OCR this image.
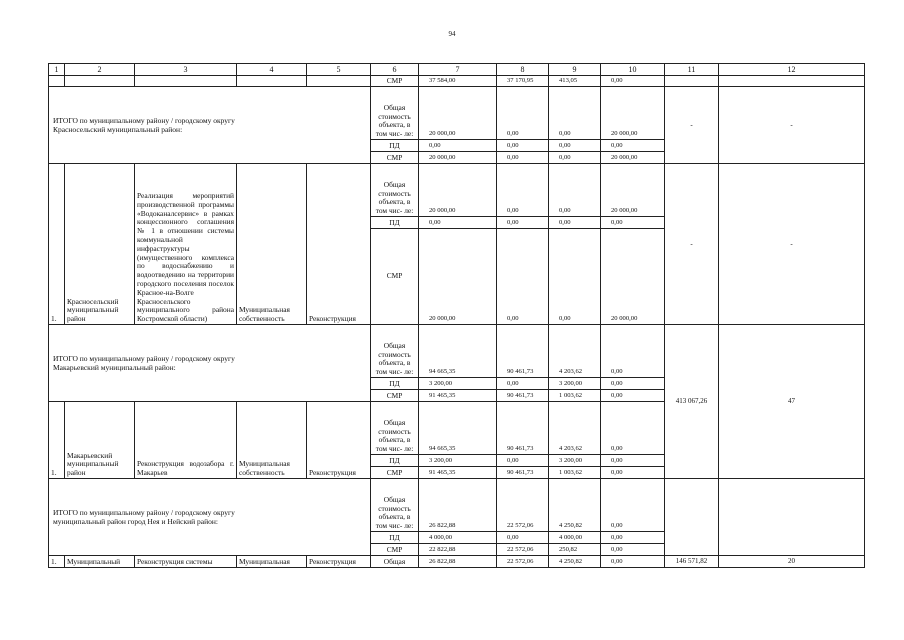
94
1	2	3	4	5	6	7	8	9	10	11	12
					СМР	37 584,00	37 170,95	413,05	0,00		
ИТОГО по муниципальному району / городскому округу
Красносельский муниципальный район:					Общая стоимость объекта, в том чис- ле:	20 000,00	0,00	0,00	20 000,00	-	-
					ПД	0,00	0,00	0,00	0,00		
					СМР	20 000,00	0,00	0,00	20 000,00		
1.	Красносельский муниципальный район	Реализация мероприятий производственной программы «Водоканалсервис» в рамках концессионного соглашения № 1 в отношении системы коммунальной инфраструктуры (имущественного комплекса по водоснабжению и водоотведению на территории городского поселения поселок Красное-на-Волге Красносельского муниципального района Костромской области)	Муниципальная собственность	Реконструкция	Общая стоимость объекта, в том чис- ле:	20 000,00	0,00	0,00	20 000,00	-	-
					ПД	0,00	0,00	0,00	0,00		
					СМР	20 000,00	0,00	0,00	20 000,00		
ИТОГО по муниципальному району / городскому округу
Макарьевский муниципальный район:					Общая стоимость объекта, в том чис- ле:	94 665,35	90 461,73	4 203,62	0,00	413 067,26	47
					ПД	3 200,00	0,00	3 200,00	0,00		
					СМР	91 465,35	90 461,73	1 003,62	0,00		
1.	Макарьевский муниципальный район	Реконструкция водозабора г. Макарьев	Муниципальная собственность	Реконструкция	Общая стоимость объекта, в том чис- ле:	94 665,35	90 461,73	4 203,62	0,00		
					ПД	3 200,00	0,00	3 200,00	0,00		
					СМР	91 465,35	90 461,73	1 003,62	0,00		
ИТОГО по муниципальному району / городскому округу
муниципальный район город Нея и Нейский район:					Общая стоимость объекта, в том чис- ле:	26 822,88	22 572,06	4 250,82	0,00		
					ПД	4 000,00	0,00	4 000,00	0,00		
					СМР	22 822,88	22 572,06	250,82	0,00		
1.	Муниципальный	Реконструкция системы	Муниципальная	Реконструкция	Общая	26 822,88	22 572,06	4 250,82	0,00	146 571,82	20
